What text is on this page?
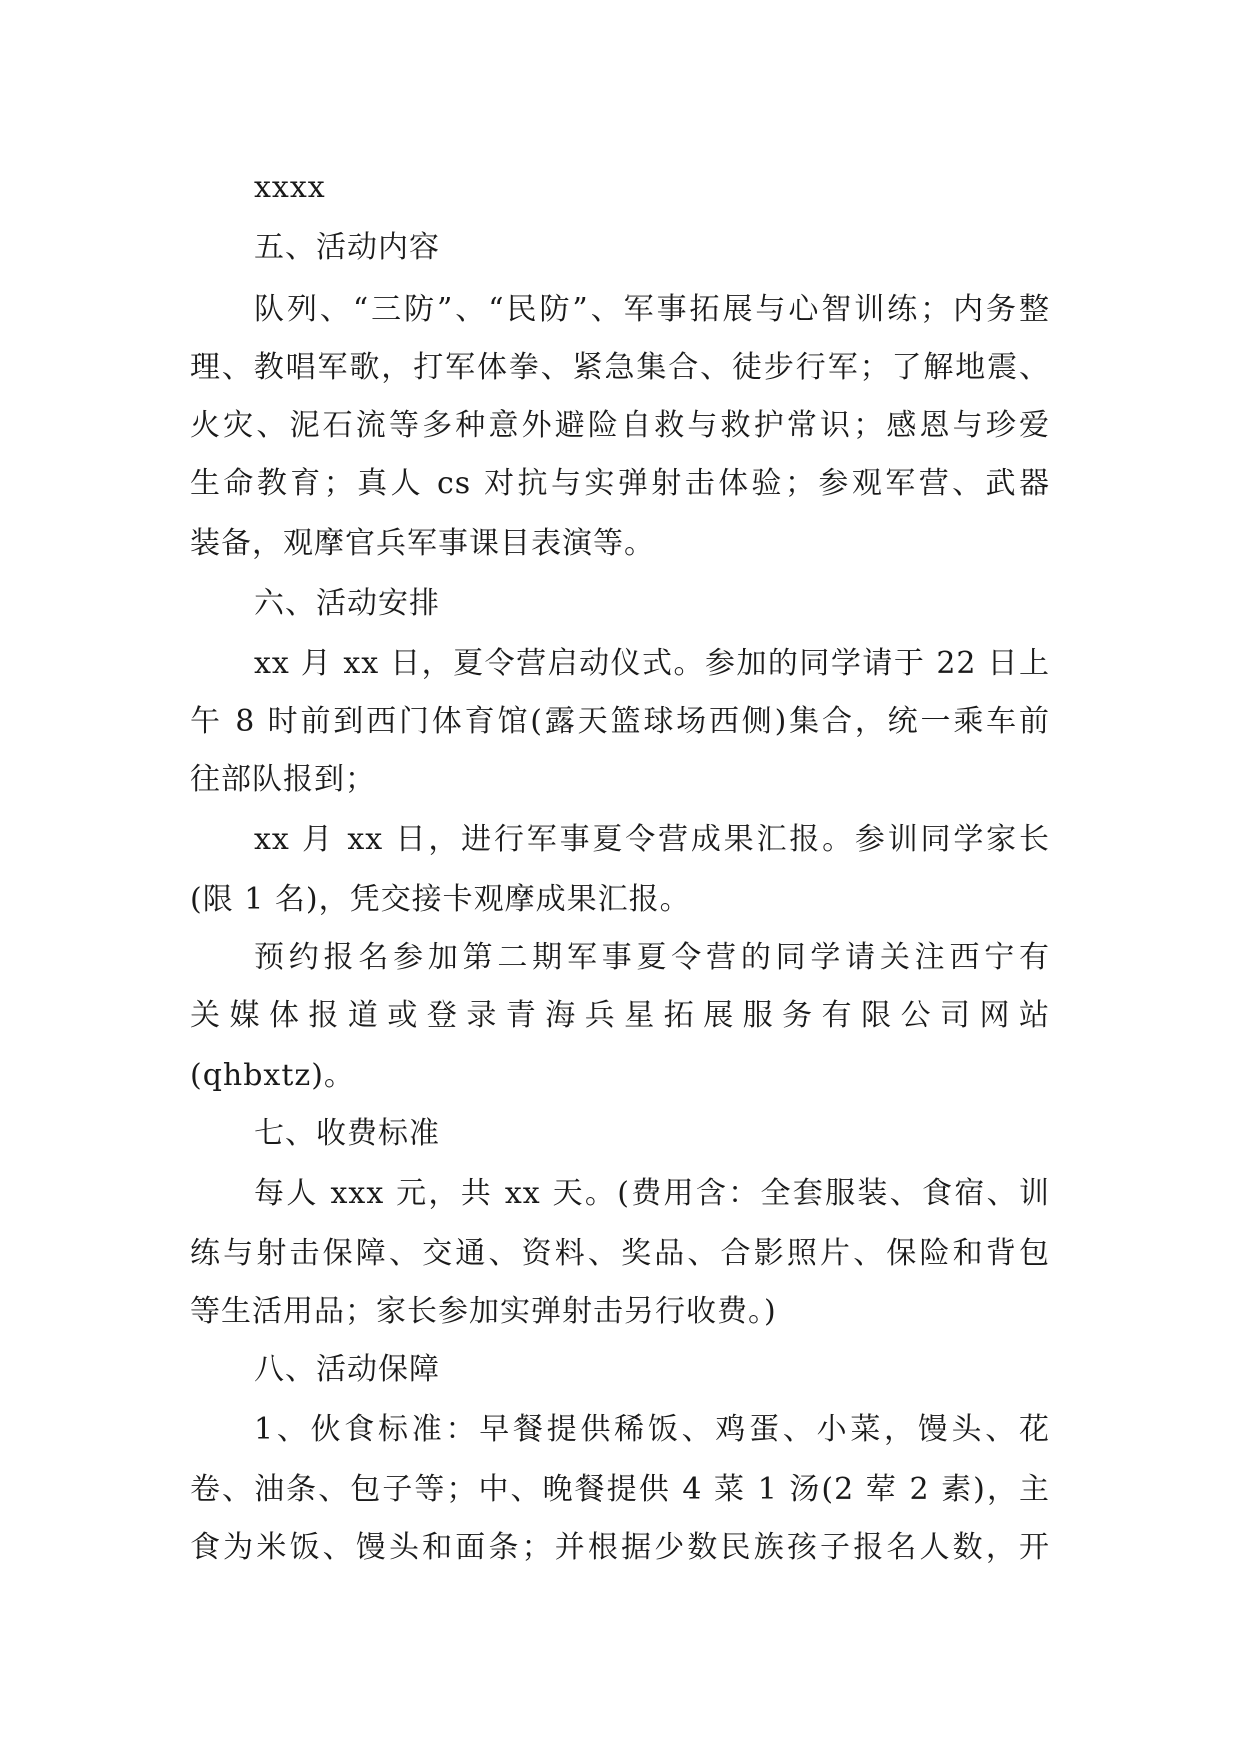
xxxx
五、活动内容
队列、“三防”、“民防”、军事拓展与心智训练；内务整
理、教唱军歌，打军体拳、紧急集合、徒步行军；了解地震、
火灾、泥石流等多种意外避险自救与救护常识；感恩与珍爱
生命教育；真人 cs 对抗与实弹射击体验；参观军营、武器
装备，观摩官兵军事课目表演等。
六、活动安排
xx 月 xx 日，夏令营启动仪式。参加的同学请于 22 日上
午 8 时前到西门体育馆(露天篮球场西侧)集合，统一乘车前
往部队报到；
xx 月 xx 日，进行军事夏令营成果汇报。参训同学家长
(限 1 名)，凭交接卡观摩成果汇报。
预约报名参加第二期军事夏令营的同学请关注西宁有
关媒体报道或登录青海兵星拓展服务有限公司网站
(qhbxtz)。
七、收费标准
每人 xxx 元，共 xx 天。(费用含：全套服装、食宿、训
练与射击保障、交通、资料、奖品、合影照片、保险和背包
等生活用品；家长参加实弹射击另行收费。)
八、活动保障
1、伙食标准：早餐提供稀饭、鸡蛋、小菜，馒头、花
卷、油条、包子等；中、晚餐提供 4 菜 1 汤(2 荤 2 素)，主
食为米饭、馒头和面条；并根据少数民族孩子报名人数，开
